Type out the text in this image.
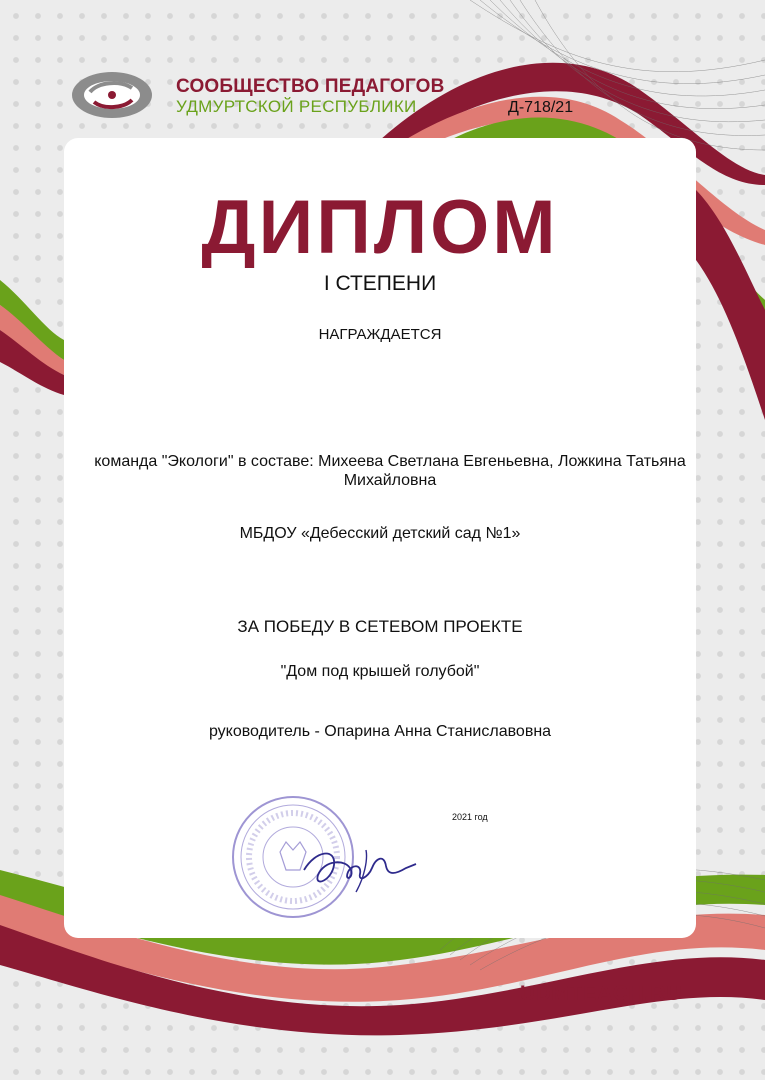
СООБЩЕСТВО ПЕДАГОГОВ
УДМУРТСКОЙ РЕСПУБЛИКИ	Д-718/21
ДИПЛОМ
I СТЕПЕНИ
НАГРАЖДАЕТСЯ
команда "Экологи" в составе: Михеева Светлана Евгеньевна, Ложкина Татьяна Михайловна
МБДОУ «Дебесский детский сад №1»
ЗА ПОБЕДУ В СЕТЕВОМ ПРОЕКТЕ
"Дом под крышей голубой"
руководитель - Опарина Анна Станиславовна
2021 год
UDMTEACH.RU
